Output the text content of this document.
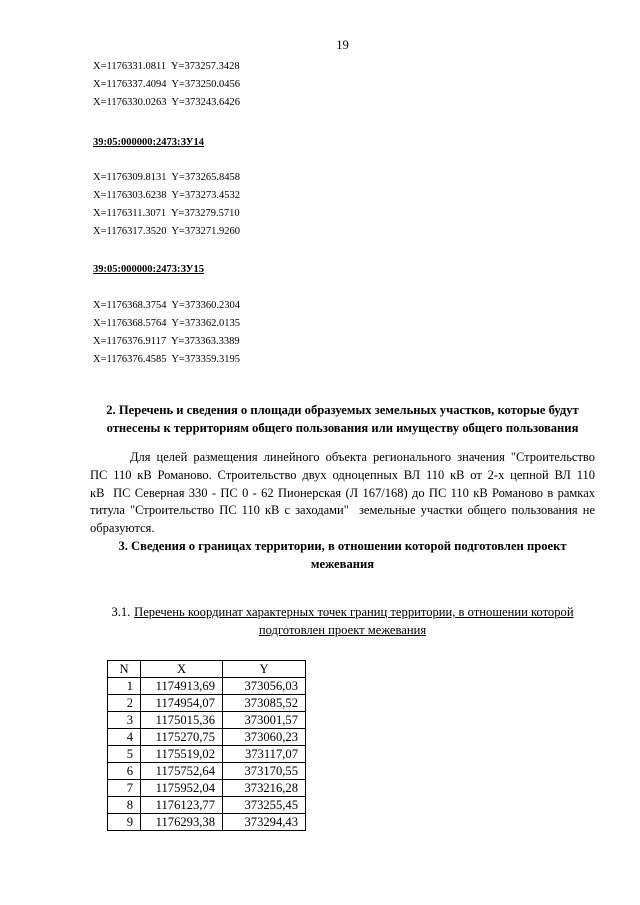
19
X=1176331.0811  Y=373257.3428
X=1176337.4094  Y=373250.0456
X=1176330.0263  Y=373243.6426
39:05:000000:2473:ЗУ14
X=1176309.8131  Y=373265.8458
X=1176303.6238  Y=373273.4532
X=1176311.3071  Y=373279.5710
X=1176317.3520  Y=373271.9260
39:05:000000:2473:ЗУ15
X=1176368.3754  Y=373360.2304
X=1176368.5764  Y=373362.0135
X=1176376.9117  Y=373363.3389
X=1176376.4585  Y=373359.3195
2. Перечень и сведения о площади образуемых земельных участков, которые будут
отнесены к территориям общего пользования или имуществу общего пользования
Для целей размещения линейного объекта регионального значения "Строительство
ПС 110 кВ Романово. Строительство двух одноцепных ВЛ 110 кВ от 2-х цепной ВЛ 110
кВ  ПС Северная 330 - ПС 0 - 62 Пионерская (Л 167/168) до ПС 110 кВ Романово в рамках
титула "Строительство ПС 110 кВ с заходами"  земельные участки общего пользования не
образуются.
3. Сведения о границах территории, в отношении которой подготовлен проект
межевания
3.1. Перечень координат характерных точек границ территории, в отношении которой
подготовлен проект межевания
N	X	Y
1	1174913,69	373056,03
2	1174954,07	373085,52
3	1175015,36	373001,57
4	1175270,75	373060,23
5	1175519,02	373117,07
6	1175752,64	373170,55
7	1175952,04	373216,28
8	1176123,77	373255,45
9	1176293,38	373294,43
